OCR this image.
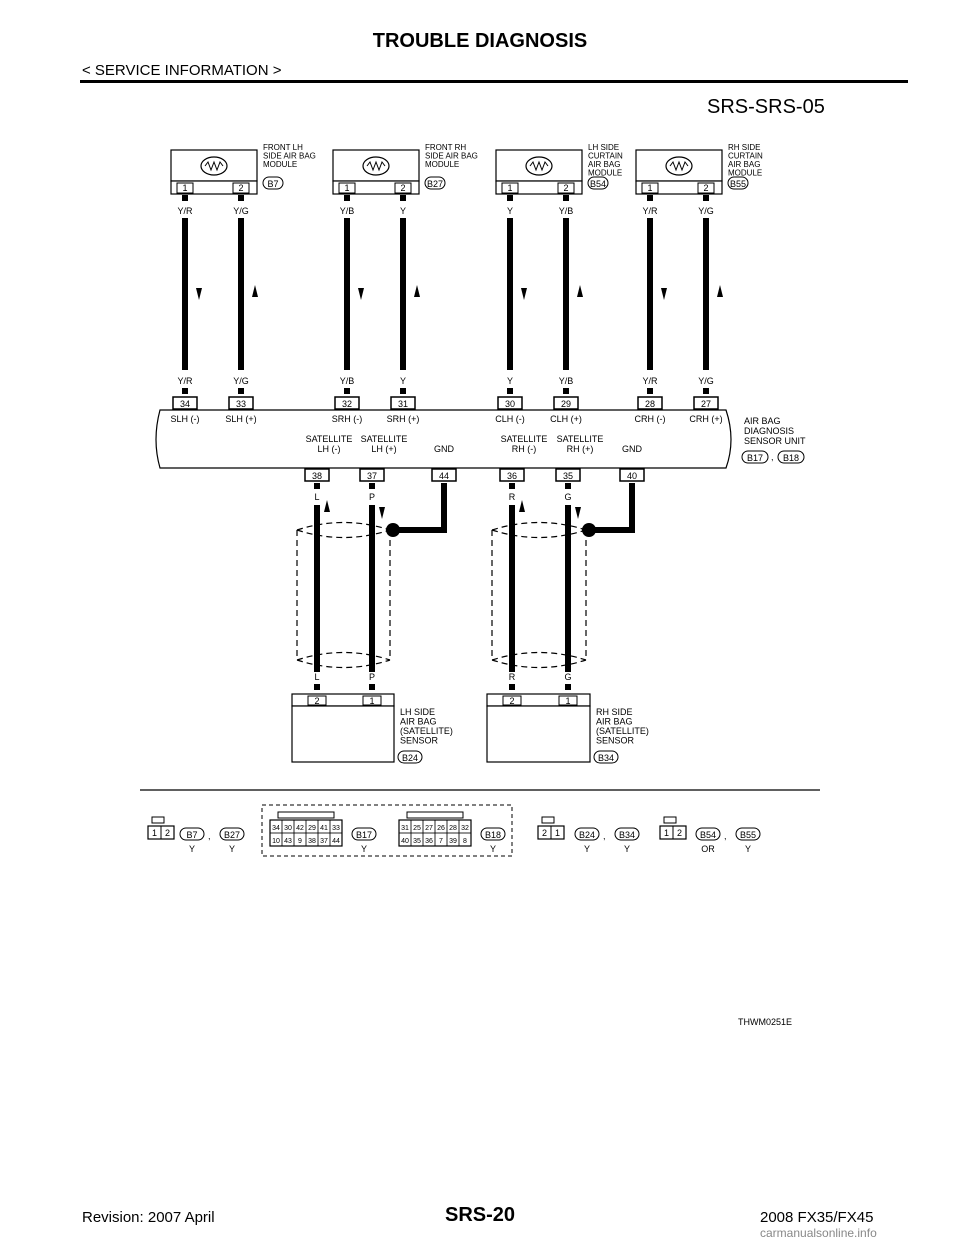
TROUBLE DIAGNOSIS
< SERVICE INFORMATION >
SRS-SRS-05
FRONT LH
SIDE AIR BAG
MODULE
B7
1
Y/R
Y/R
34
SLH (-)
2
Y/G
Y/G
33
SLH (+)
FRONT RH
SIDE AIR BAG
MODULE
B27
1
Y/B
Y/B
32
SRH (-)
2
Y
Y
31
SRH (+)
LH SIDE
CURTAIN
AIR BAG
MODULE
B54
1
Y
Y
30
CLH (-)
2
Y/B
Y/B
29
CLH (+)
RH SIDE
CURTAIN
AIR BAG
MODULE
B55
1
Y/R
Y/R
28
CRH (-)
2
Y/G
Y/G
27
CRH (+) AIR BAG
DIAGNOSIS
SENSOR UNIT
B17 , B18
SATELLITE
LH (-)
38
L
SATELLITE
LH (+)
37
P
GND
44
SATELLITE
RH (-)
36
R
SATELLITE
RH (+)
35
G
GND
40
L	P
2	1
LH SIDE
AIR BAG
(SATELLITE)
SENSOR
B24
R	G
2	1
RH SIDE
AIR BAG
(SATELLITE)
SENSOR
B34
1 2 B7
Y
, B27
Y
34 30 42 29 41 33
10 43 9 38 37 44
B17
Y
31 25 27 26 28 32
40 35 36 7 39 8
B18
Y
2 1 B24
Y
, B34
Y
1 2 B54
OR
, B55
Y
THWM0251E
Revision: 2007 April	SRS-20	2008 FX35/FX45
carmanualsonline.info
